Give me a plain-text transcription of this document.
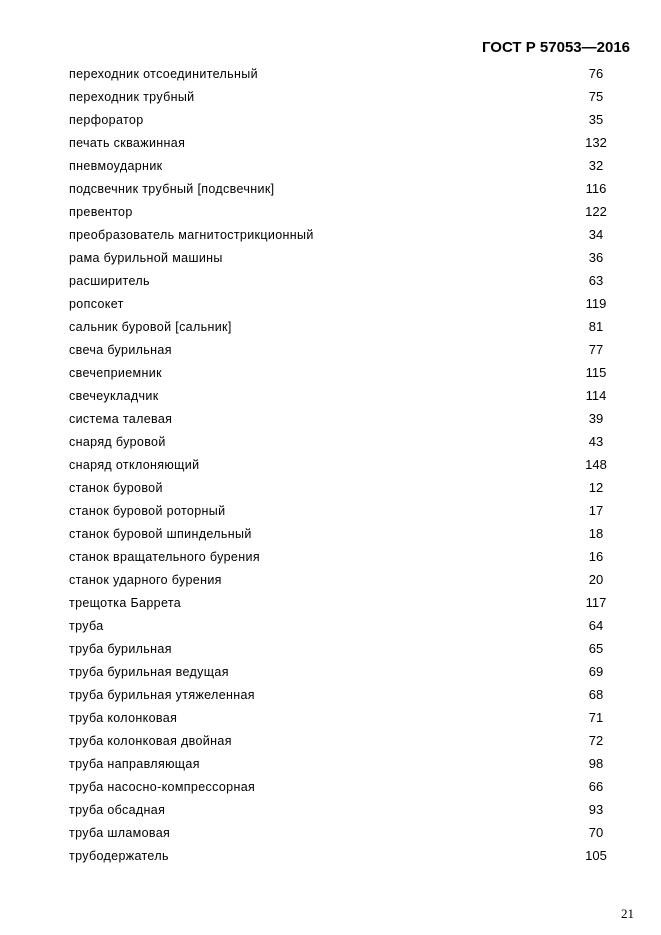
ГОСТ Р 57053—2016
переходник отсоединительный	76
переходник трубный	75
перфоратор	35
печать скважинная	132
пневмоударник	32
подсвечник трубный [подсвечник]	116
превентор	122
преобразователь магнитострикционный	34
рама бурильной машины	36
расширитель	63
ропсокет	119
сальник буровой [сальник]	81
свеча бурильная	77
свечеприемник	115
свечеукладчик	114
система талевая	39
снаряд буровой	43
снаряд отклоняющий	148
станок буровой	12
станок буровой роторный	17
станок буровой шпиндельный	18
станок вращательного бурения	16
станок ударного бурения	20
трещотка Баррета	117
труба	64
труба бурильная	65
труба бурильная ведущая	69
труба бурильная утяжеленная	68
труба колонковая	71
труба колонковая двойная	72
труба направляющая	98
труба насосно-компрессорная	66
труба обсадная	93
труба шламовая	70
трубодержатель	105
21
